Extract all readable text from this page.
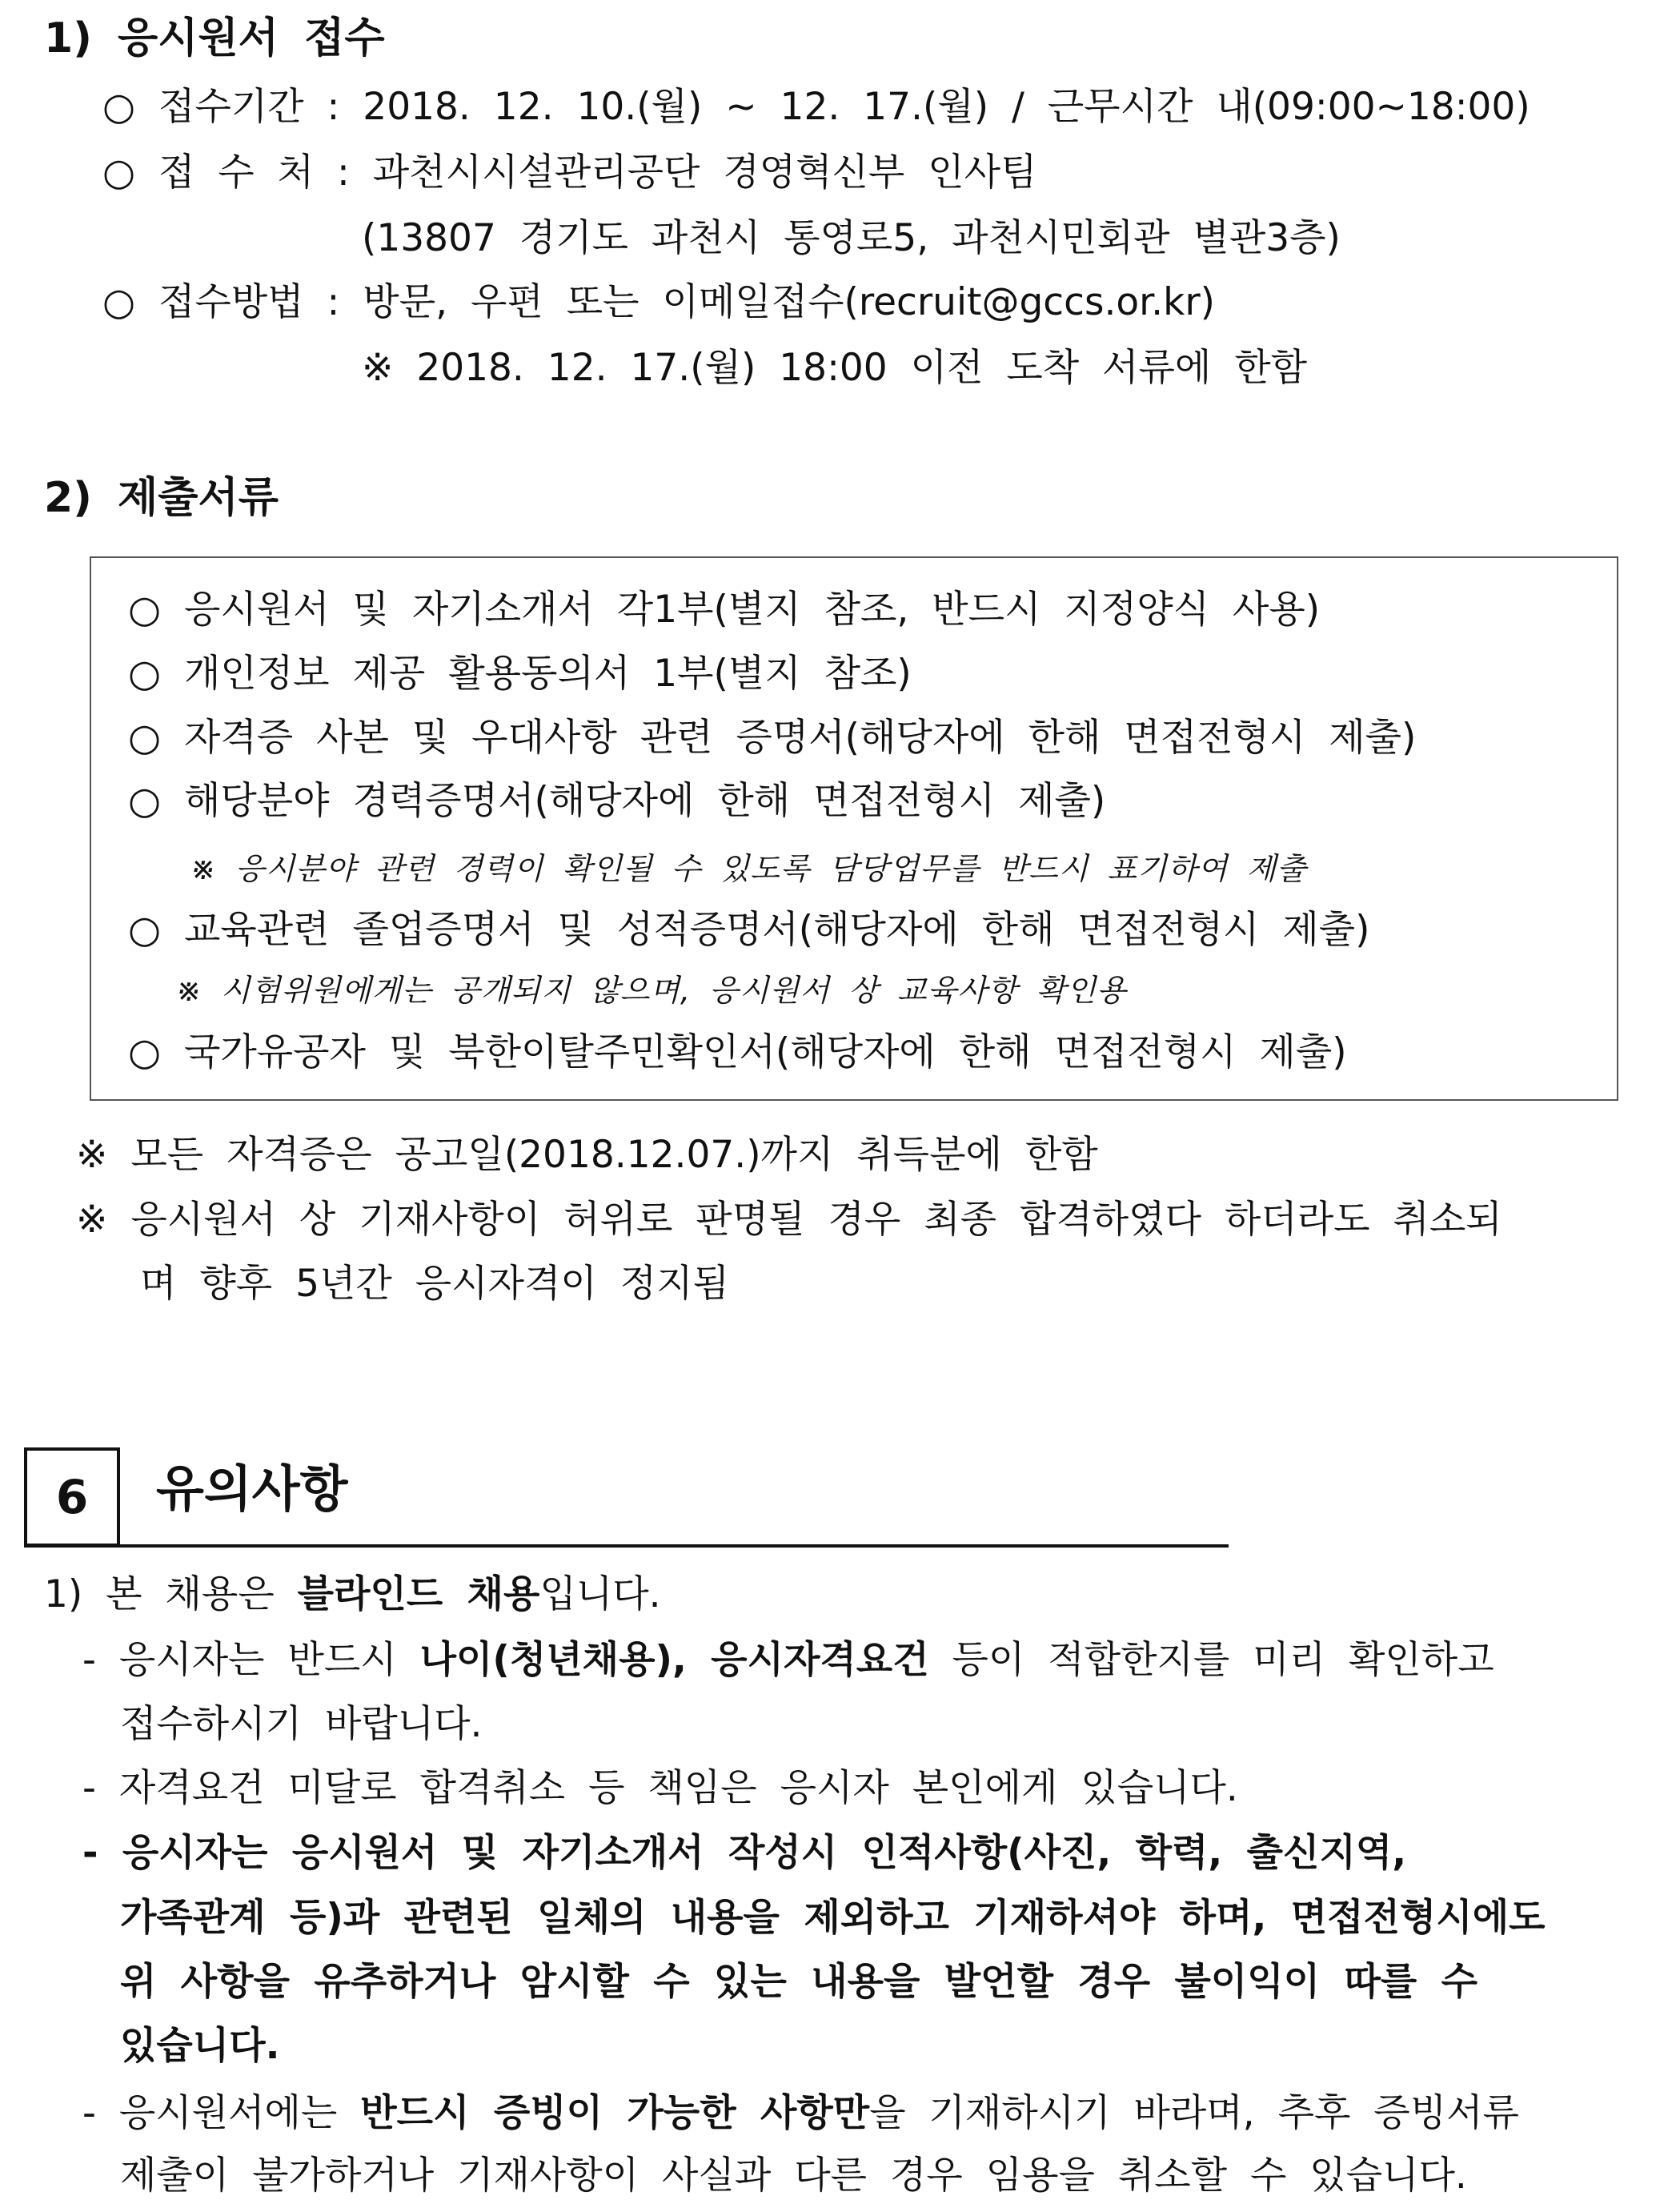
1) 응시원서 접수
○ 접수기간 : 2018. 12. 10.(월) ~ 12. 17.(월) / 근무시간 내(09:00~18:00)
○ 접 수 처 : 과천시시설관리공단 경영혁신부 인사팀
(13807 경기도 과천시 통영로5, 과천시민회관 별관3층)
○ 접수방법 : 방문, 우편 또는 이메일접수(recruit@gccs.or.kr)
※ 2018. 12. 17.(월) 18:00 이전 도착 서류에 한함
2) 제출서류
○ 응시원서 및 자기소개서 각1부(별지 참조, 반드시 지정양식 사용)
○ 개인정보 제공 활용동의서 1부(별지 참조)
○ 자격증 사본 및 우대사항 관련 증명서(해당자에 한해 면접전형시 제출)
○ 해당분야 경력증명서(해당자에 한해 면접전형시 제출)
※ 응시분야 관련 경력이 확인될 수 있도록 담당업무를 반드시 표기하여 제출
○ 교육관련 졸업증명서 및 성적증명서(해당자에 한해 면접전형시 제출)
※ 시험위원에게는 공개되지 않으며, 응시원서 상 교육사항 확인용
○ 국가유공자 및 북한이탈주민확인서(해당자에 한해 면접전형시 제출)
※ 모든 자격증은 공고일(2018.12.07.)까지 취득분에 한함
※ 응시원서 상 기재사항이 허위로 판명될 경우 최종 합격하였다 하더라도 취소되
며 향후 5년간 응시자격이 정지됨
6	유의사항
1) 본 채용은 블라인드 채용입니다.
- 응시자는 반드시 나이(청년채용), 응시자격요건 등이 적합한지를 미리 확인하고
접수하시기 바랍니다.
- 자격요건 미달로 합격취소 등 책임은 응시자 본인에게 있습니다.
- 응시자는 응시원서 및 자기소개서 작성시 인적사항(사진, 학력, 출신지역,
가족관계 등)과 관련된 일체의 내용을 제외하고 기재하셔야 하며, 면접전형시에도
위 사항을 유추하거나 암시할 수 있는 내용을 발언할 경우 불이익이 따를 수
있습니다.
- 응시원서에는 반드시 증빙이 가능한 사항만을 기재하시기 바라며, 추후 증빙서류
제출이 불가하거나 기재사항이 사실과 다른 경우 임용을 취소할 수 있습니다.
